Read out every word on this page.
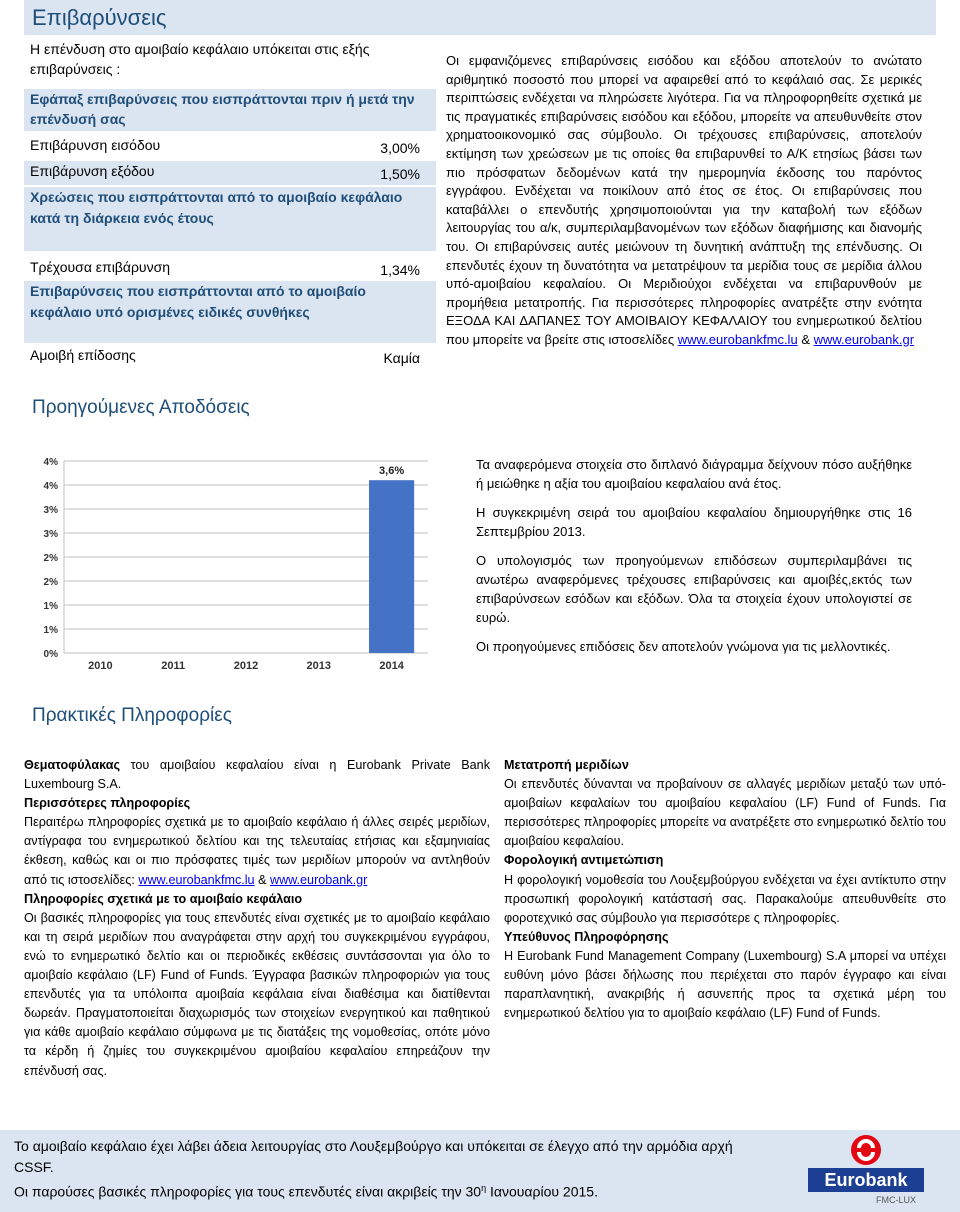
Επιβαρύνσεις
Η επένδυση στο αμοιβαίο κεφάλαιο υπόκειται στις εξής επιβαρύνσεις :
Εφάπαξ επιβαρύνσεις που εισπράττονται πριν ή μετά την επένδυσή σας
Επιβάρυνση εισόδου	3,00%
Επιβάρυνση εξόδου	1,50%
Χρεώσεις που εισπράττονται από το αμοιβαίο κεφάλαιο κατά τη διάρκεια ενός έτους
Τρέχουσα επιβάρυνση	1,34%
Επιβαρύνσεις που εισπράττονται από το αμοιβαίο κεφάλαιο υπό ορισμένες ειδικές συνθήκες
Αμοιβή επίδοσης	Καμία
Προηγούμενες Αποδόσεις
Οι εμφανιζόμενες επιβαρύνσεις εισόδου και εξόδου αποτελούν το ανώτατο αριθμητικό ποσοστό που μπορεί να αφαιρεθεί από το κεφάλαιό σας. Σε μερικές περιπτώσεις ενδέχεται να πληρώσετε λιγότερα. Για να πληροφορηθείτε σχετικά με τις πραγματικές επιβαρύνσεις εισόδου και εξόδου, μπορείτε να απευθυνθείτε στον χρηματοοικονομικό σας σύμβουλο. Οι τρέχουσες επιβαρύνσεις, αποτελούν εκτίμηση των χρεώσεων με τις οποίες θα επιβαρυνθεί το Α/Κ ετησίως βάσει των πιο πρόσφατων δεδομένων κατά την ημερομηνία έκδοσης του παρόντος εγγράφου. Ενδέχεται να ποικίλουν από έτος σε έτος. Οι επιβαρύνσεις που καταβάλλει ο επενδυτής χρησιμοποιούνται για την καταβολή των εξόδων λειτουργίας του α/κ, συμπεριλαμβανομένων των εξόδων διαφήμισης και διανομής του. Οι επιβαρύνσεις αυτές μειώνουν τη δυνητική ανάπτυξη της επένδυσης. Οι επενδυτές έχουν τη δυνατότητα να μετατρέψουν τα μερίδια τους σε μερίδια άλλου υπό-αμοιβαίου κεφαλαίου. Οι Μεριδιούχοι ενδέχεται να επιβαρυνθούν με προμήθεια μετατροπής. Για περισσότερες πληροφορίες ανατρέξτε στην ενότητα ΕΞΟΔΑ ΚΑΙ ΔΑΠΑΝΕΣ ΤΟΥ ΑΜΟΙΒΑΙΟΥ ΚΕΦΑΛΑΙΟΥ του ενημερωτικού δελτίου που μπορείτε να βρείτε στις ιστοσελίδες www.eurobankfmc.lu & www.eurobank.gr
0%
1%
1%
2%
2%
3%
3%
4%
4%
2010	2011	2012	2013	2014
3,6%	Τα αναφερόμενα στοιχεία στο διπλανό διάγραμμα δείχνουν πόσο αυξήθηκε ή μειώθηκε η αξία του αμοιβαίου κεφαλαίου ανά έτος.

Η συγκεκριμένη σειρά του αμοιβαίου κεφαλαίου δημιουργήθηκε στις 16 Σεπτεμβρίου 2013.

Ο υπολογισμός των προηγούμενων επιδόσεων συμπεριλαμβάνει τις ανωτέρω αναφερόμενες τρέχουσες επιβαρύνσεις και αμοιβές,εκτός των επιβαρύνσεων εσόδων και εξόδων. Όλα τα στοιχεία έχουν υπολογιστεί σε ευρώ.

Οι προηγούμενες επιδόσεις δεν αποτελούν γνώμονα για τις μελλοντικές.

Πρακτικές Πληροφορίες
Θεματοφύλακας του αμοιβαίου κεφαλαίου είναι η Eurobank Private Bank Luxembourg S.A.
Περισσότερες πληροφορίες
Περαιτέρω πληροφορίες σχετικά με το αμοιβαίο κεφάλαιο ή άλλες σειρές μεριδίων, αντίγραφα του ενημερωτικού δελτίου και της τελευταίας ετήσιας και εξαμηνιαίας έκθεση, καθώς και οι πιο πρόσφατες τιμές των μεριδίων μπορούν να αντληθούν από τις ιστοσελίδες: www.eurobankfmc.lu & www.eurobank.gr
Πληροφορίες σχετικά με το αμοιβαίο κεφάλαιο
Οι βασικές πληροφορίες για τους επενδυτές είναι σχετικές με το αμοιβαίο κεφάλαιο και τη σειρά μεριδίων που αναγράφεται στην αρχή του συγκεκριμένου εγγράφου, ενώ το ενημερωτικό δελτίο και οι περιοδικές εκθέσεις συντάσσονται για όλο το αμοιβαίο κεφάλαιο (LF) Fund of Funds. Έγγραφα βασικών πληροφοριών για τους επενδυτές για τα υπόλοιπα αμοιβαία κεφάλαια είναι διαθέσιμα και διατίθενται δωρεάν. Πραγματοποιείται διαχωρισμός των στοιχείων ενεργητικού και παθητικού για κάθε αμοιβαίο κεφάλαιο σύμφωνα με τις διατάξεις της νομοθεσίας, οπότε μόνο τα κέρδη ή ζημίες του συγκεκριμένου αμοιβαίου κεφαλαίου επηρεάζουν την επένδυσή σας.
Μετατροπή μεριδίων
Οι επενδυτές δύνανται να προβαίνουν σε αλλαγές μεριδίων μεταξύ των υπό-αμοιβαίων κεφαλαίων του αμοιβαίου κεφαλαίου (LF) Fund of Funds. Για περισσότερες πληροφορίες μπορείτε να ανατρέξετε στο ενημερωτικό δελτίο του αμοιβαίου κεφαλαίου.
Φορολογική αντιμετώπιση
Η φορολογική νομοθεσία του Λουξεμβούργου ενδέχεται να έχει αντίκτυπο στην προσωπική φορολογική κατάστασή σας. Παρακαλούμε απευθυνθείτε στο φοροτεχνικό σας σύμβουλο για περισσότερε ς πληροφορίες.
Υπεύθυνος Πληροφόρησης
Η Eurobank Fund Management Company (Luxembourg) S.A μπορεί να υπέχει ευθύνη μόνο βάσει δήλωσης που περιέχεται στο παρόν έγγραφο και είναι παραπλανητική, ανακριβής ή ασυνεπής προς τα σχετικά μέρη του ενημερωτικού δελτίου για το αμοιβαίο κεφάλαιο (LF) Fund of Funds.
Το αμοιβαίο κεφάλαιο έχει λάβει άδεια λειτουργίας στο Λουξεμβούργο και υπόκειται σε έλεγχο από την αρμόδια αρχή CSSF.
Οι παρούσες βασικές πληροφορίες για τους επενδυτές είναι ακριβείς την $30^\eta$ Ιανουαρίου 2015.
Eurobank
FMC-LUX
